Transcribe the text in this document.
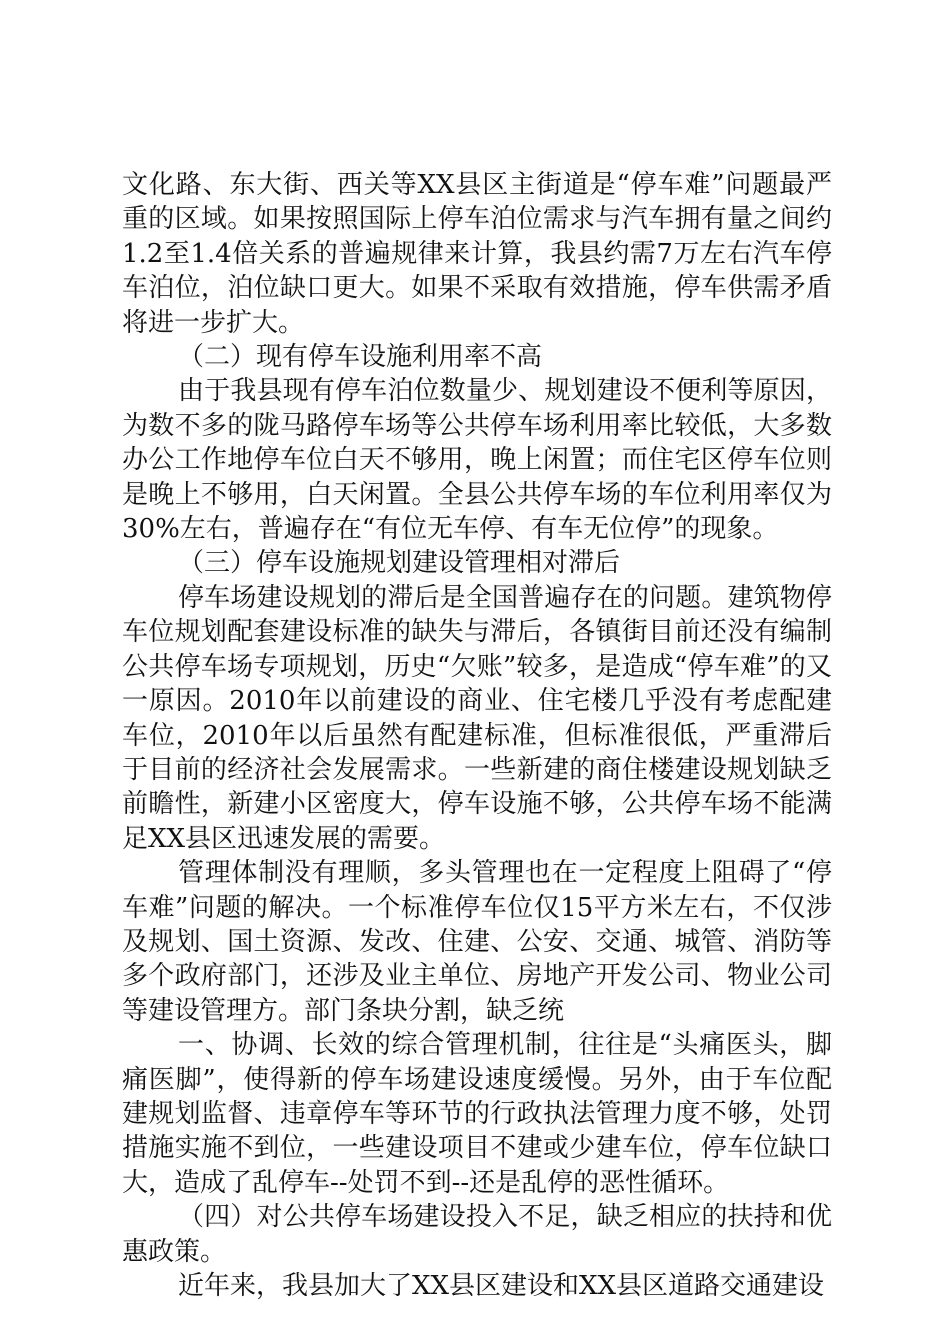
文化路、东大街、西关等XX县区主街道是“停车难”问题最严重的区域。如果按照国际上停车泊位需求与汽车拥有量之间约1.2至1.4倍关系的普遍规律来计算，我县约需7万左右汽车停车泊位，泊位缺口更大。如果不采取有效措施，停车供需矛盾将进一步扩大。

（二）现有停车设施利用率不高

由于我县现有停车泊位数量少、规划建设不便利等原因，为数不多的陇马路停车场等公共停车场利用率比较低，大多数办公工作地停车位白天不够用，晚上闲置；而住宅区停车位则是晚上不够用，白天闲置。全县公共停车场的车位利用率仅为30%左右，普遍存在“有位无车停、有车无位停”的现象。

（三）停车设施规划建设管理相对滞后

停车场建设规划的滞后是全国普遍存在的问题。建筑物停车位规划配套建设标准的缺失与滞后，各镇街目前还没有编制公共停车场专项规划，历史“欠账”较多，是造成“停车难”的又一原因。2010年以前建设的商业、住宅楼几乎没有考虑配建车位，2010年以后虽然有配建标准，但标准很低，严重滞后于目前的经济社会发展需求。一些新建的商住楼建设规划缺乏前瞻性，新建小区密度大，停车设施不够，公共停车场不能满足XX县区迅速发展的需要。

管理体制没有理顺，多头管理也在一定程度上阻碍了“停车难”问题的解决。一个标准停车位仅15平方米左右，不仅涉及规划、国土资源、发改、住建、公安、交通、城管、消防等多个政府部门，还涉及业主单位、房地产开发公司、物业公司等建设管理方。部门条块分割，缺乏统

一、协调、长效的综合管理机制，往往是“头痛医头，脚痛医脚”，使得新的停车场建设速度缓慢。另外，由于车位配建规划监督、违章停车等环节的行政执法管理力度不够，处罚措施实施不到位，一些建设项目不建或少建车位，停车位缺口大，造成了乱停车--处罚不到--还是乱停的恶性循环。

（四）对公共停车场建设投入不足，缺乏相应的扶持和优惠政策。

近年来，我县加大了XX县区建设和XX县区道路交通建设
